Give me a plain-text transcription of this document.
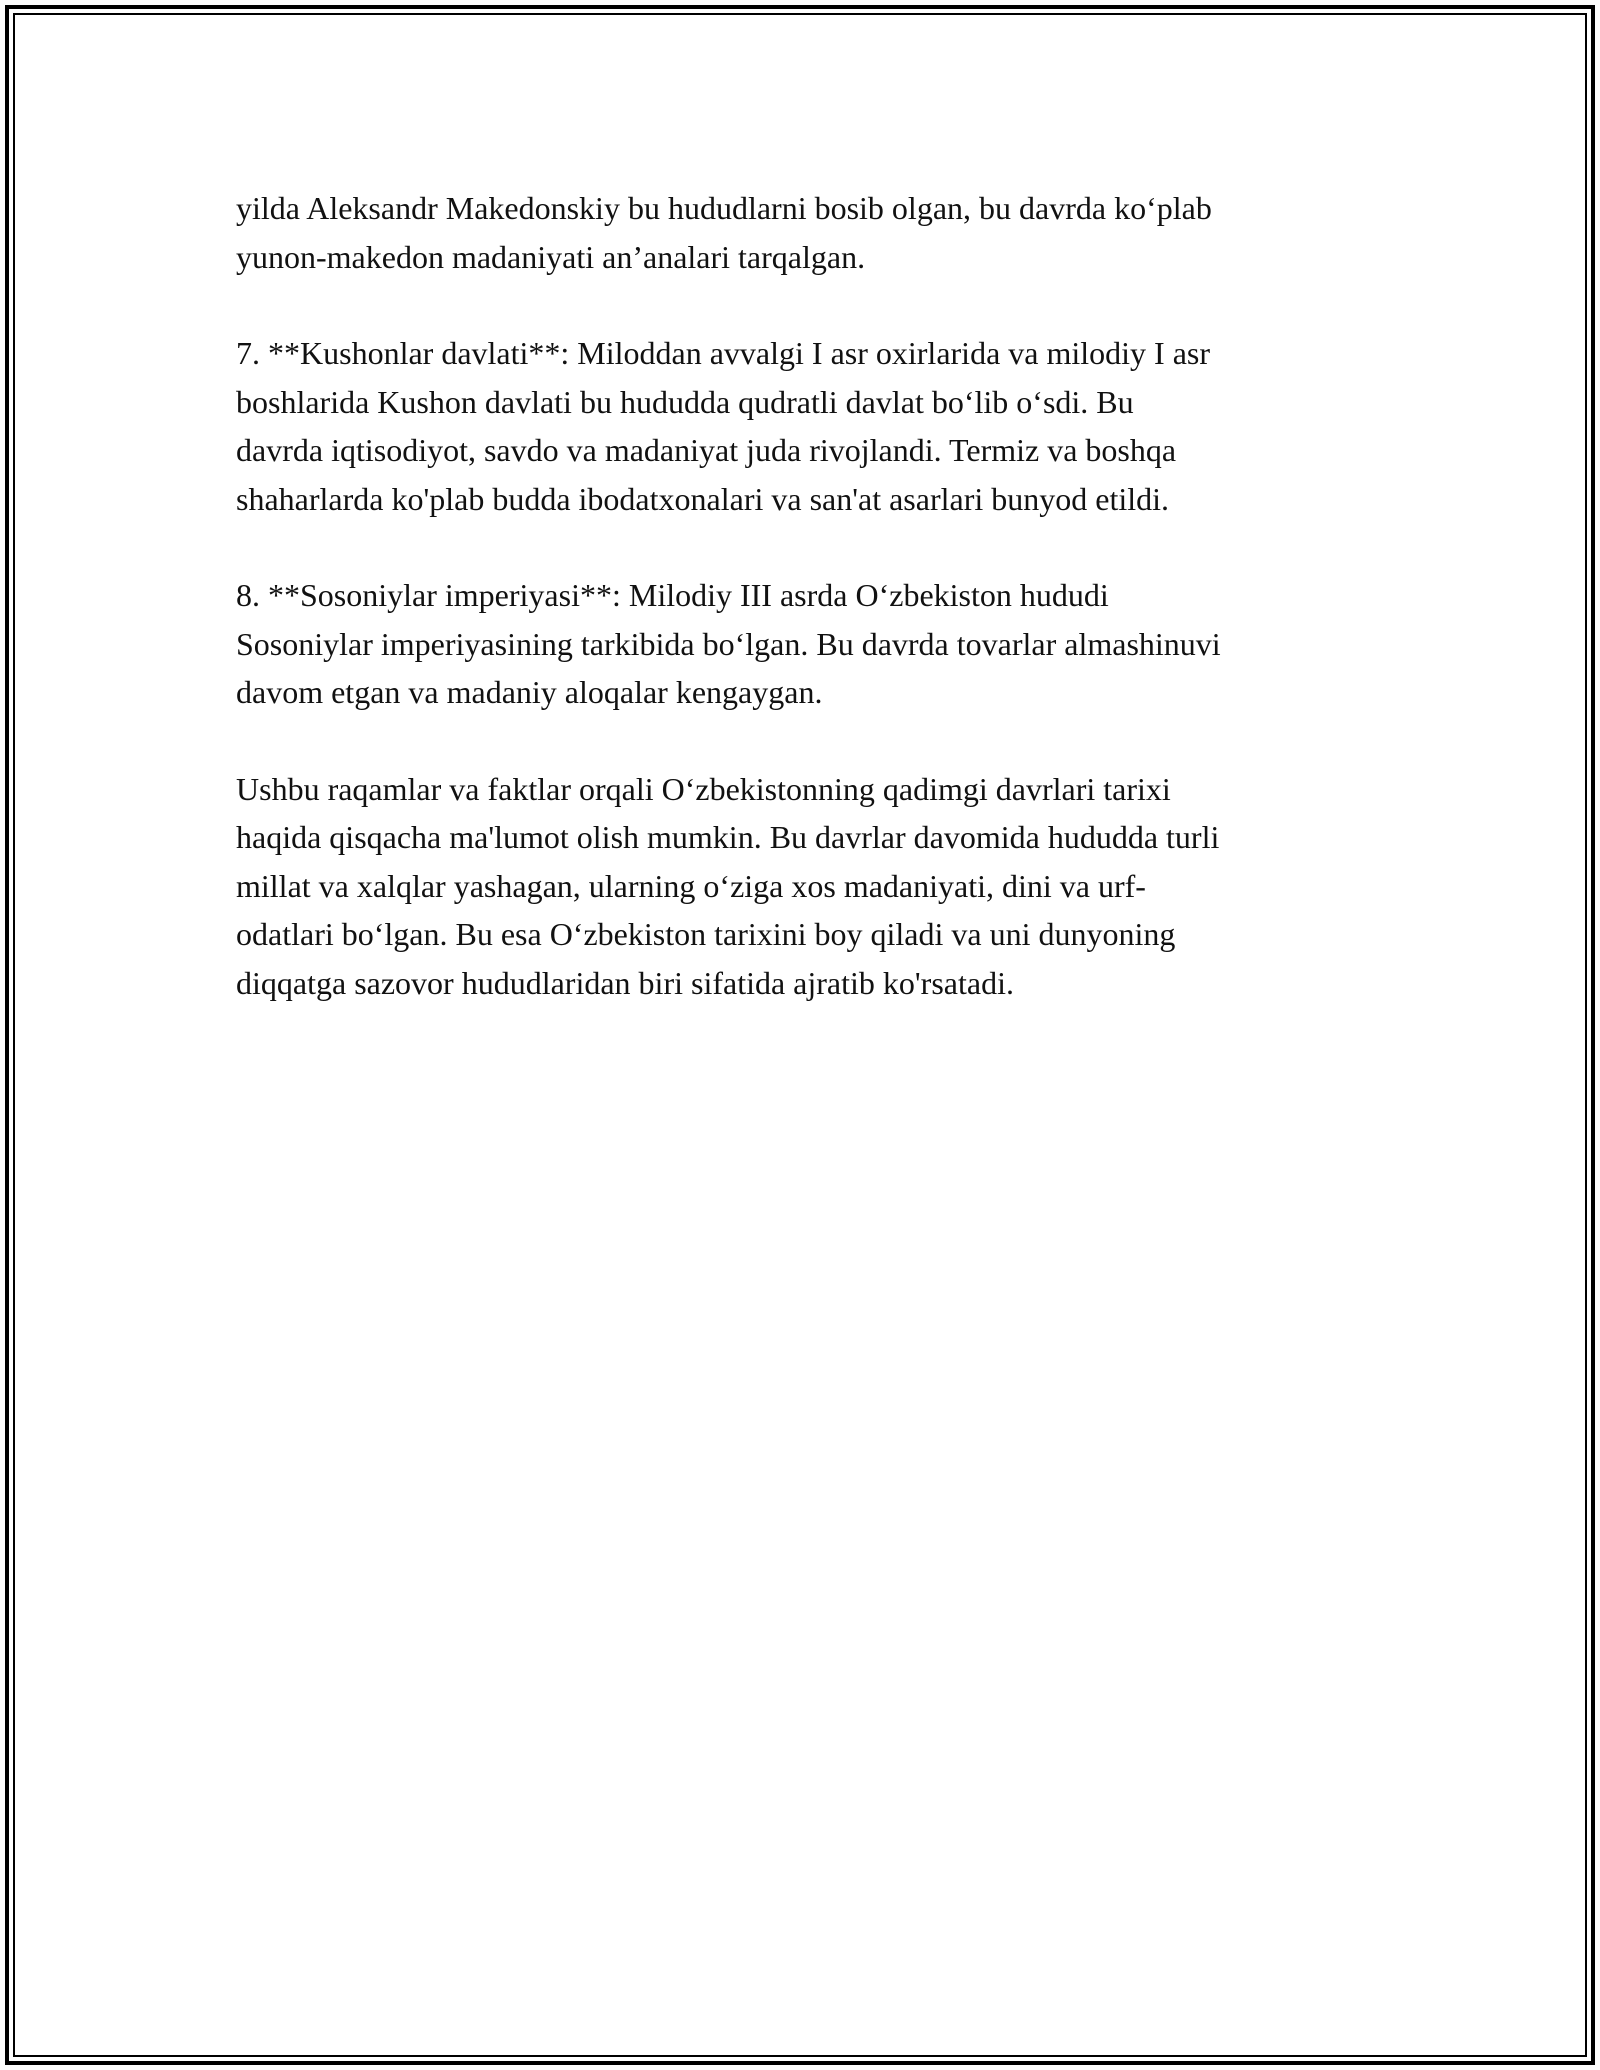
yilda Aleksandr Makedonskiy bu hududlarni bosib olgan, bu davrda ko‘plab
yunon-makedon madaniyati an’analari tarqalgan.

7. **Kushonlar davlati**: Miloddan avvalgi I asr oxirlarida va milodiy I asr
boshlarida Kushon davlati bu hududda qudratli davlat bo‘lib o‘sdi. Bu
davrda iqtisodiyot, savdo va madaniyat juda rivojlandi. Termiz va boshqa
shaharlarda ko'plab budda ibodatxonalari va san'at asarlari bunyod etildi.

8. **Sosoniylar imperiyasi**: Milodiy III asrda O‘zbekiston hududi
Sosoniylar imperiyasining tarkibida bo‘lgan. Bu davrda tovarlar almashinuvi
davom etgan va madaniy aloqalar kengaygan.

Ushbu raqamlar va faktlar orqali O‘zbekistonning qadimgi davrlari tarixi
haqida qisqacha ma'lumot olish mumkin. Bu davrlar davomida hududda turli
millat va xalqlar yashagan, ularning o‘ziga xos madaniyati, dini va urf-
odatlari bo‘lgan. Bu esa O‘zbekiston tarixini boy qiladi va uni dunyoning
diqqatga sazovor hududlaridan biri sifatida ajratib ko'rsatadi.
